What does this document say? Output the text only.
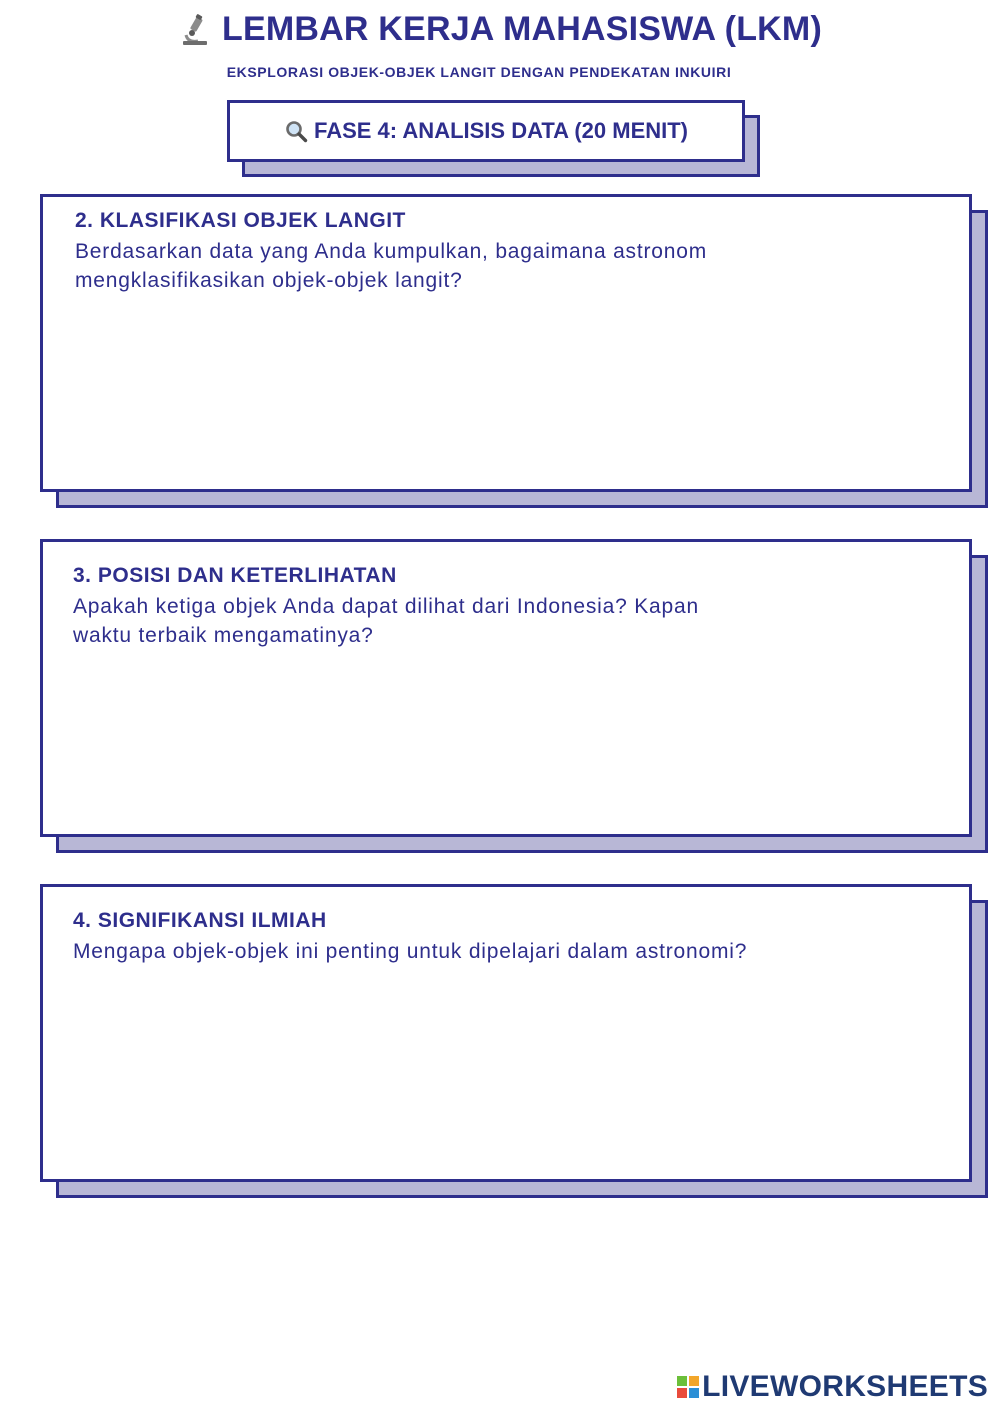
LEMBAR KERJA MAHASISWA (LKM)
EKSPLORASI OBJEK-OBJEK LANGIT DENGAN PENDEKATAN INKUIRI
FASE 4: ANALISIS DATA (20 MENIT)
2. KLASIFIKASI OBJEK LANGIT
Berdasarkan data yang Anda kumpulkan, bagaimana astronom
mengklasifikasikan objek-objek langit?
3. POSISI DAN KETERLIHATAN
Apakah ketiga objek Anda dapat dilihat dari Indonesia? Kapan
waktu terbaik mengamatinya?
4. SIGNIFIKANSI ILMIAH
Mengapa objek-objek ini penting untuk dipelajari dalam astronomi?
LIVEWORKSHEETS
